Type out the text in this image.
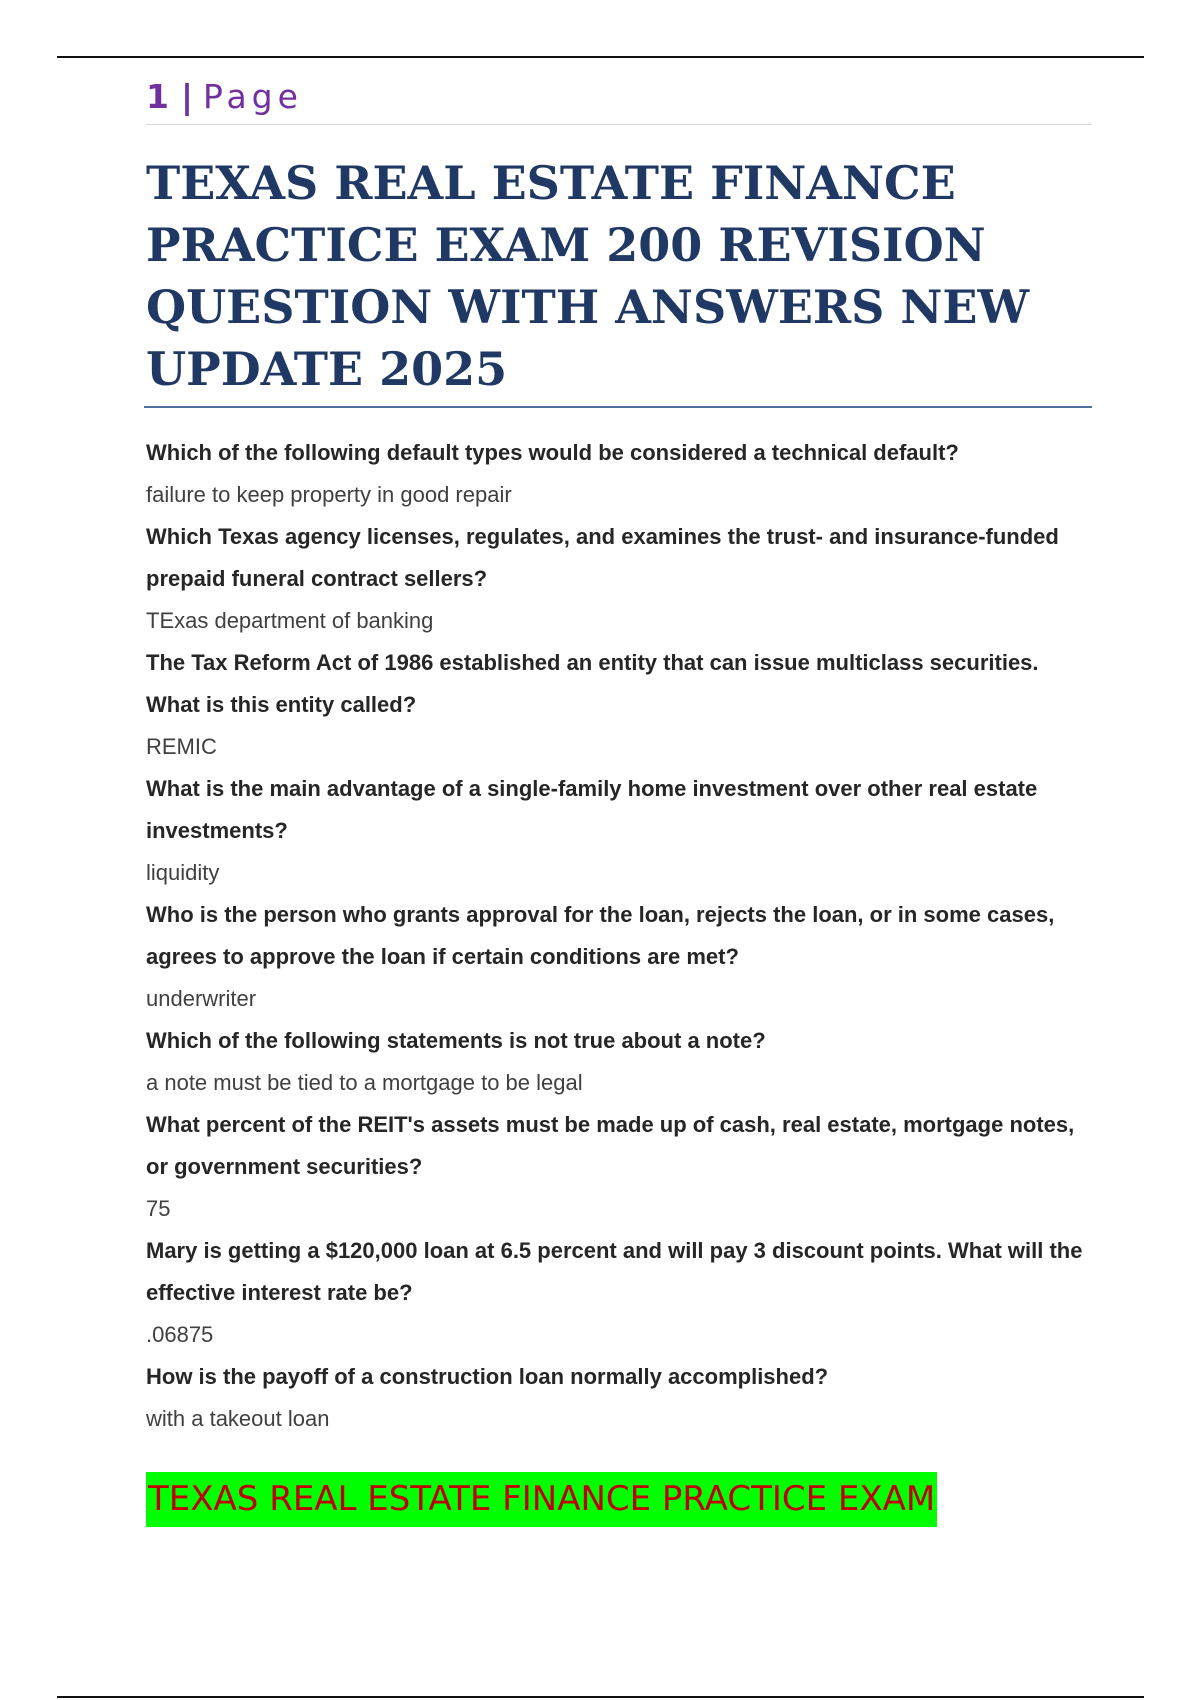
1 | Page
TEXAS REAL ESTATE FINANCE PRACTICE EXAM 200 REVISION QUESTION WITH ANSWERS NEW UPDATE 2025

Which of the following default types would be considered a technical default?

failure to keep property in good repair

Which Texas agency licenses, regulates, and examines the trust- and insurance-funded prepaid funeral contract sellers?

TExas department of banking

The Tax Reform Act of 1986 established an entity that can issue multiclass securities. What is this entity called?

REMIC

What is the main advantage of a single-family home investment over other real estate investments?

liquidity

Who is the person who grants approval for the loan, rejects the loan, or in some cases, agrees to approve the loan if certain conditions are met?

underwriter

Which of the following statements is not true about a note?

a note must be tied to a mortgage to be legal

What percent of the REIT's assets must be made up of cash, real estate, mortgage notes, or government securities?

75

Mary is getting a $120,000 loan at 6.5 percent and will pay 3 discount points. What will the effective interest rate be?

.06875

How is the payoff of a construction loan normally accomplished?

with a takeout loan

TEXAS REAL ESTATE FINANCE PRACTICE EXAM
